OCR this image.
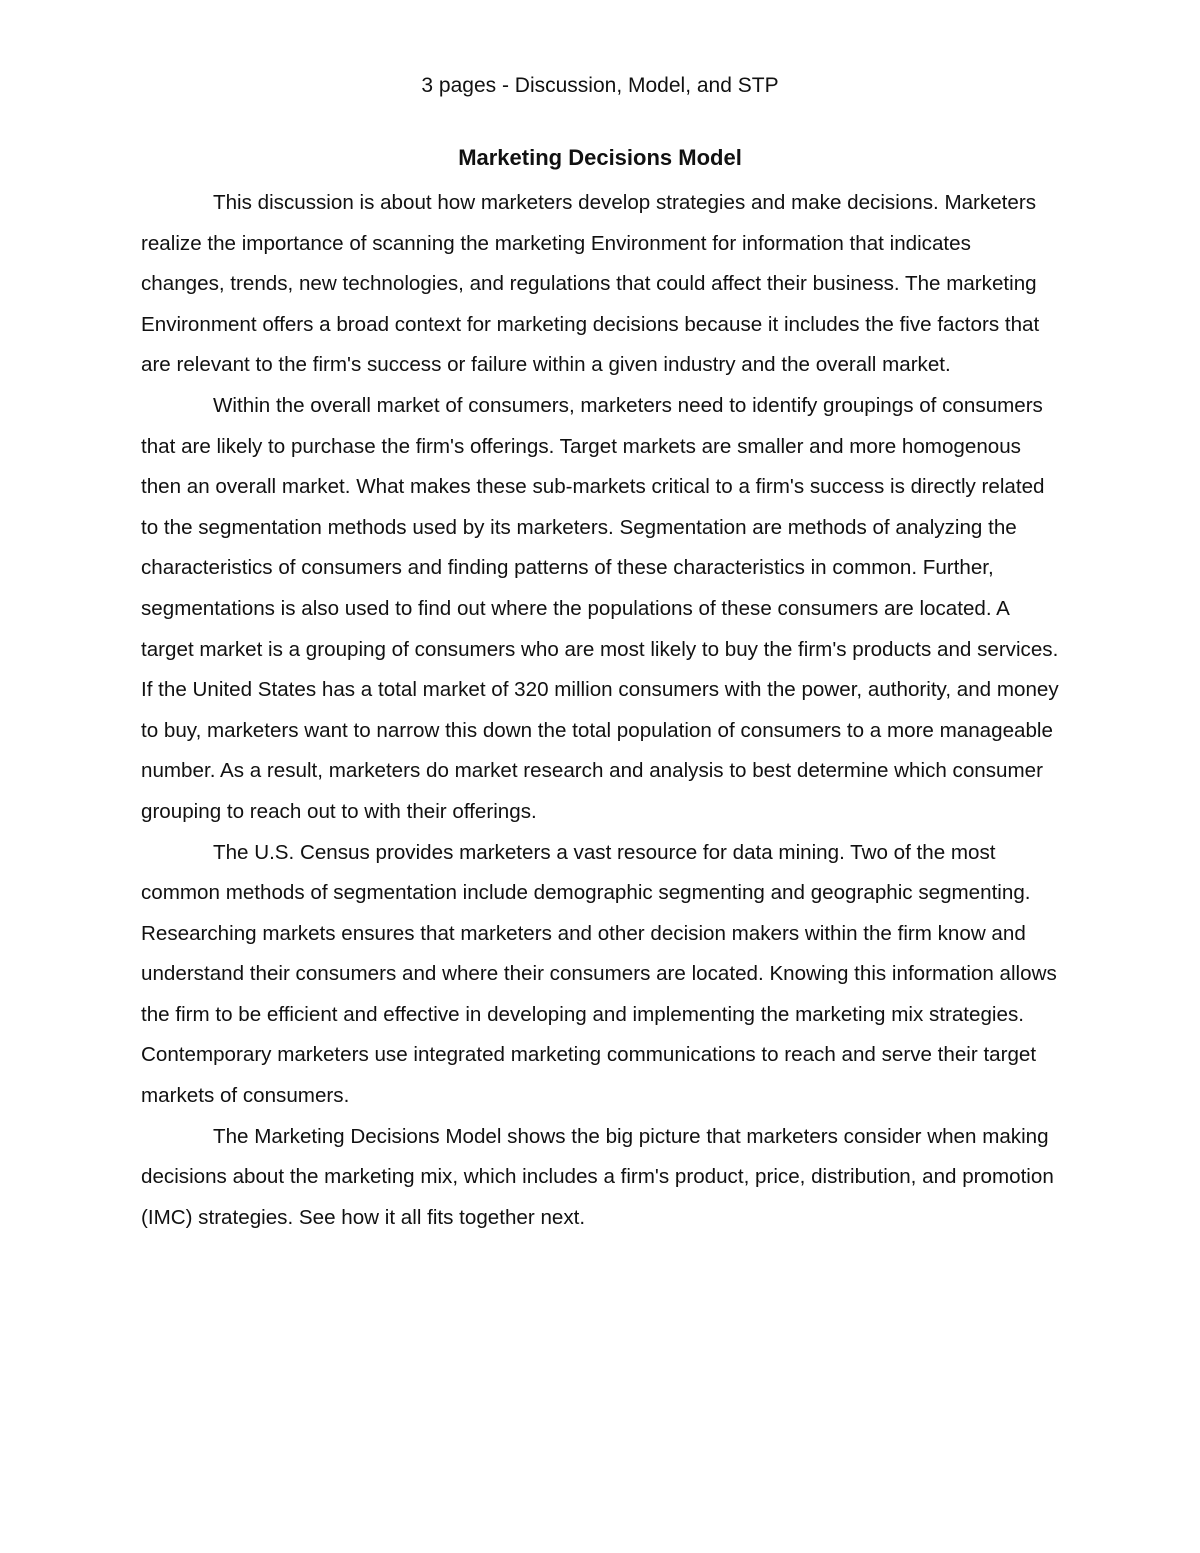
3 pages - Discussion, Model, and STP
Marketing Decisions Model

This discussion is about how marketers develop strategies and make decisions. Marketers realize the importance of scanning the marketing Environment for information that indicates changes, trends, new technologies, and regulations that could affect their business. The marketing Environment offers a broad context for marketing decisions because it includes the five factors that are relevant to the firm's success or failure within a given industry and the overall market.

Within the overall market of consumers, marketers need to identify groupings of consumers that are likely to purchase the firm's offerings. Target markets are smaller and more homogenous then an overall market. What makes these sub-markets critical to a firm's success is directly related to the segmentation methods used by its marketers. Segmentation are methods of analyzing the characteristics of consumers and finding patterns of these characteristics in common. Further, segmentations is also used to find out where the populations of these consumers are located. A target market is a grouping of consumers who are most likely to buy the firm's products and services. If the United States has a total market of 320 million consumers with the power, authority, and money to buy, marketers want to narrow this down the total population of consumers to a more manageable number. As a result, marketers do market research and analysis to best determine which consumer grouping to reach out to with their offerings.

The U.S. Census provides marketers a vast resource for data mining. Two of the most common methods of segmentation include demographic segmenting and geographic segmenting. Researching markets ensures that marketers and other decision makers within the firm know and understand their consumers and where their consumers are located. Knowing this information allows the firm to be efficient and effective in developing and implementing the marketing mix strategies. Contemporary marketers use integrated marketing communications to reach and serve their target markets of consumers.

The Marketing Decisions Model shows the big picture that marketers consider when making decisions about the marketing mix, which includes a firm's product, price, distribution, and promotion (IMC) strategies. See how it all fits together next.
